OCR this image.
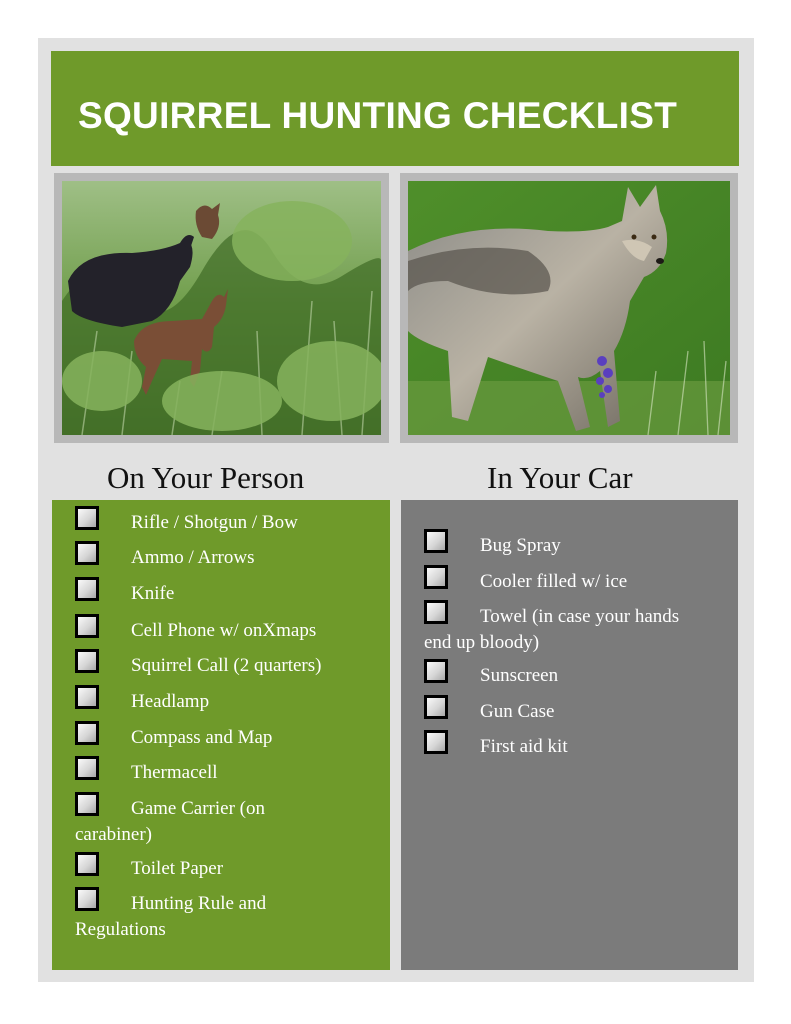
SQUIRREL HUNTING CHECKLIST
On Your Person	In Your Car
Rifle / Shotgun / Bow
Ammo / Arrows
Knife
Cell Phone w/ onXmaps
Squirrel Call (2 quarters)
Headlamp
Compass and Map
Thermacell
Game Carrier (on carabiner)
Toilet Paper
Hunting Rule and Regulations
Bug Spray
Cooler filled w/ ice
Towel (in case your hands end up bloody)
Sunscreen
Gun Case
First aid kit
